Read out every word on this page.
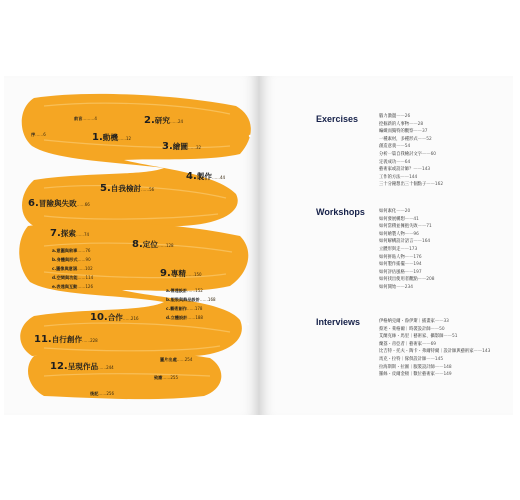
前言………4
序……6
2.研究……24
1.動機……12
3.繪圖……32
4.製作……44
5.自我檢討……56
6.冒險與失敗……66
7.探索……74
8.定位……128
a.意圖與敘事……76
b.身體與形式……90
c.圖像與意涵……102
d.空間與功能……114
e.表達與互動……126
9.專精……150
a.傳達設計……152
b.服裝與飾品設計……168
c.藝術創作……178
d.立體設計……188
10.合作……216
11.自行創作……228
圖片出處……254
12.呈現作品……244
致謝……255
後記……256
Exercises	腦力激盪——26
挖掘新的人事物——28
編織而獨特的觀察——37
一種素材，多種形式——52
創造意義——54
分析一篇自我檢討文字——60
定義成功——64
藝術家或設計師？——143
工作的方法——144
三十分鐘想出三十個點子——162
Workshops	如何素化——20
如何發展構想——41
如何當積並擁抱失敗——71
如何繪製人物——96
如何解構設計語言——164
立體形與走——173
如何拼貼人物——176
如何製作搖擺——194
如何評估風格——197
如何找出使用者觀點——208
如何開始——234
Interviews	伊格納克爾・魯伊斯｜插畫家——33
蔡述・萊格爾｜時裝設計師——50
艾蘭克絲・馬里｜藝術家、攝影師——51
蘭荔・帝亞者｜藝術家——69
比吉特・托夫・陶卡・弗爾特爾｜設計師與藝術家——143
馬克・拉特｜傢俱設計師——145
拉海斯斯・拉圖｜服裝設計師——148
羅絲・皮爾金頓｜數位藝術家——149
